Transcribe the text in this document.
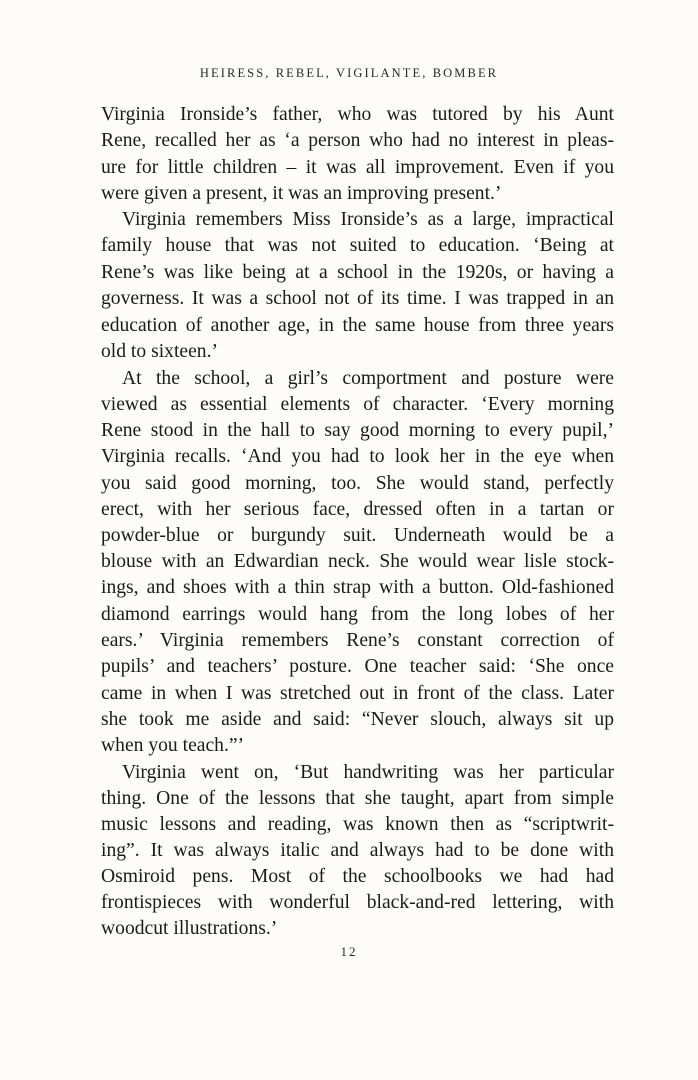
HEIRESS, REBEL, VIGILANTE, BOMBER
Virginia Ironside’s father, who was tutored by his Aunt
Rene, recalled her as ‘a person who had no interest in pleas-
ure for little children – it was all improvement. Even if you
were given a present, it was an improving present.’
Virginia remembers Miss Ironside’s as a large, impractical
family house that was not suited to education. ‘Being at
Rene’s was like being at a school in the 1920s, or having a
governess. It was a school not of its time. I was trapped in an
education of another age, in the same house from three years
old to sixteen.’
At the school, a girl’s comportment and posture were
viewed as essential elements of character. ‘Every morning
Rene stood in the hall to say good morning to every pupil,’
Virginia recalls. ‘And you had to look her in the eye when
you said good morning, too. She would stand, perfectly
erect, with her serious face, dressed often in a tartan or
powder-blue or burgundy suit. Underneath would be a
blouse with an Edwardian neck. She would wear lisle stock-
ings, and shoes with a thin strap with a button. Old-fashioned
diamond earrings would hang from the long lobes of her
ears.’ Virginia remembers Rene’s constant correction of
pupils’ and teachers’ posture. One teacher said: ‘She once
came in when I was stretched out in front of the class. Later
she took me aside and said: “Never slouch, always sit up
when you teach.”’
Virginia went on, ‘But handwriting was her particular
thing. One of the lessons that she taught, apart from simple
music lessons and reading, was known then as “scriptwrit-
ing”. It was always italic and always had to be done with
Osmiroid pens. Most of the schoolbooks we had had
frontispieces with wonderful black-and-red lettering, with
woodcut illustrations.’
12
